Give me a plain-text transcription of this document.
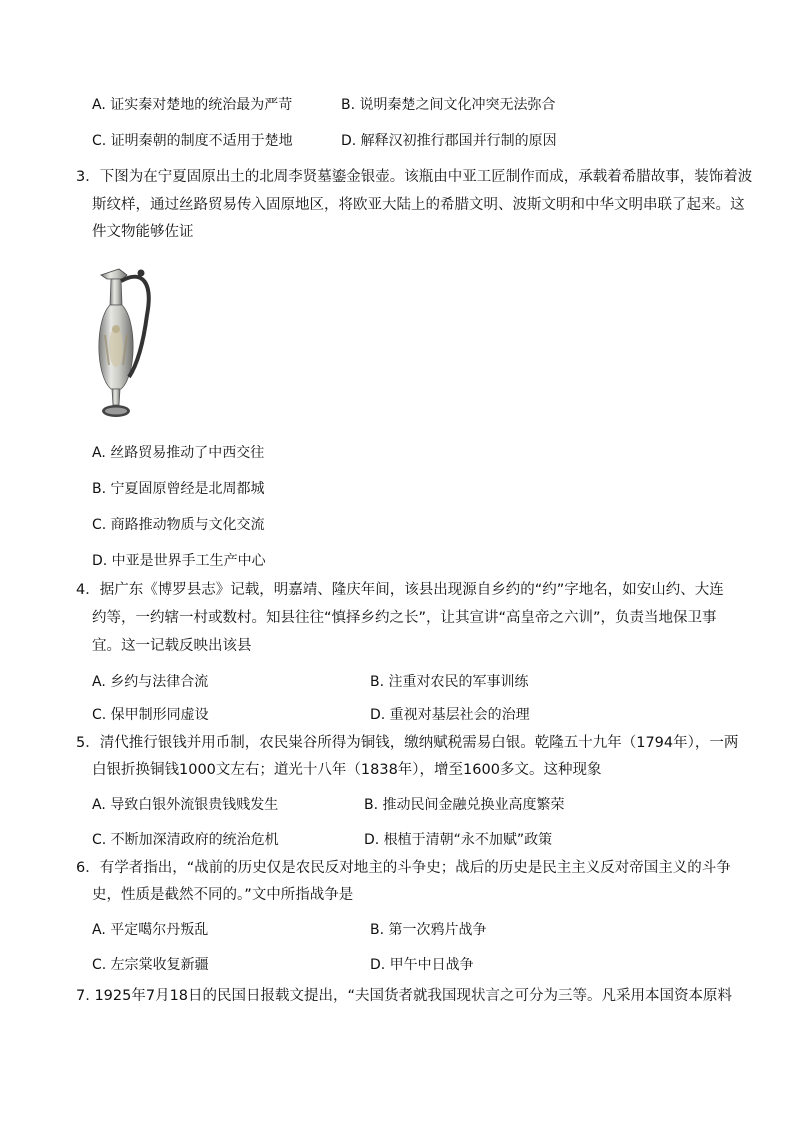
A. 证实秦对楚地的统治最为严苛	B. 说明秦楚之间文化冲突无法弥合
C. 证明秦朝的制度不适用于楚地	D. 解释汉初推行郡国并行制的原因
3．下图为在宁夏固原出土的北周李贤墓鎏金银壶。该瓶由中亚工匠制作而成，承载着希腊故事，装饰着波
斯纹样，通过丝路贸易传入固原地区，将欧亚大陆上的希腊文明、波斯文明和中华文明串联了起来。这
件文物能够佐证
A. 丝路贸易推动了中西交往
B. 宁夏固原曾经是北周都城
C. 商路推动物质与文化交流
D. 中亚是世界手工生产中心
4．据广东《博罗县志》记载，明嘉靖、隆庆年间，该县出现源自乡约的“约”字地名，如安山约、大连
约等，一约辖一村或数村。知县往往“慎择乡约之长”，让其宣讲“高皇帝之六训”，负责当地保卫事
宜。这一记载反映出该县
A. 乡约与法律合流	B. 注重对农民的军事训练
C. 保甲制形同虚设	D. 重视对基层社会的治理
5．清代推行银钱并用币制，农民粜谷所得为铜钱，缴纳赋税需易白银。乾隆五十九年（1794年），一两
白银折换铜钱1000文左右；道光十八年（1838年），增至1600多文。这种现象
A. 导致白银外流银贵钱贱发生	B. 推动民间金融兑换业高度繁荣
C. 不断加深清政府的统治危机	D. 根植于清朝“永不加赋”政策
6．有学者指出，“战前的历史仅是农民反对地主的斗争史；战后的历史是民主主义反对帝国主义的斗争
史，性质是截然不同的。”文中所指战争是
A. 平定噶尔丹叛乱	B. 第一次鸦片战争
C. 左宗棠收复新疆	D. 甲午中日战争
7. 1925年7月18日的民国日报载文提出，“夫国货者就我国现状言之可分为三等。凡采用本国资本原料
